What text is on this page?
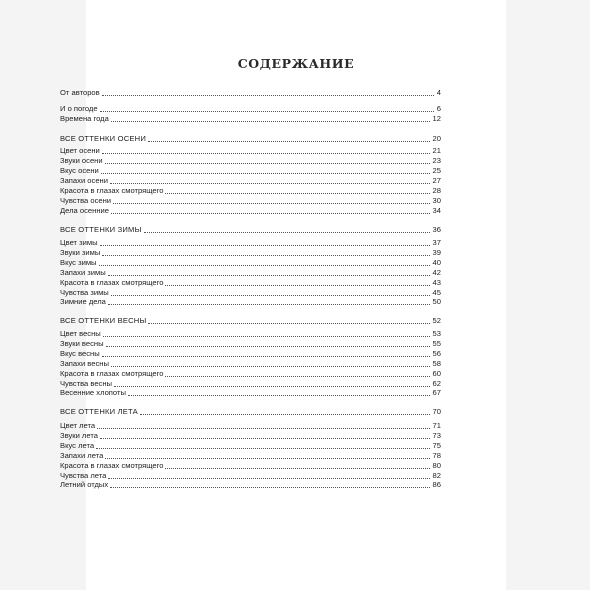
СОДЕРЖАНИЕ
От авторов	4
И о погоде	6
Времена года	12
ВСЕ ОТТЕНКИ ОСЕНИ	20
Цвет осени	21
Звуки осени	23
Вкус осени	25
Запахи осени	27
Красота в глазах смотрящего	28
Чувства осени	30
Дела осенние	34
ВСЕ ОТТЕНКИ ЗИМЫ	36
Цвет зимы	37
Звуки зимы	39
Вкус зимы	40
Запахи зимы	42
Красота в глазах смотрящего	43
Чувства зимы	45
Зимние дела	50
ВСЕ ОТТЕНКИ ВЕСНЫ	52
Цвет весны	53
Звуки весны	55
Вкус весны	56
Запахи весны	58
Красота в глазах смотрящего	60
Чувства весны	62
Весенние хлопоты	67
ВСЕ ОТТЕНКИ ЛЕТА	70
Цвет лета	71
Звуки лета	73
Вкус лета	75
Запахи лета	78
Красота в глазах смотрящего	80
Чувства лета	82
Летний отдых	86
